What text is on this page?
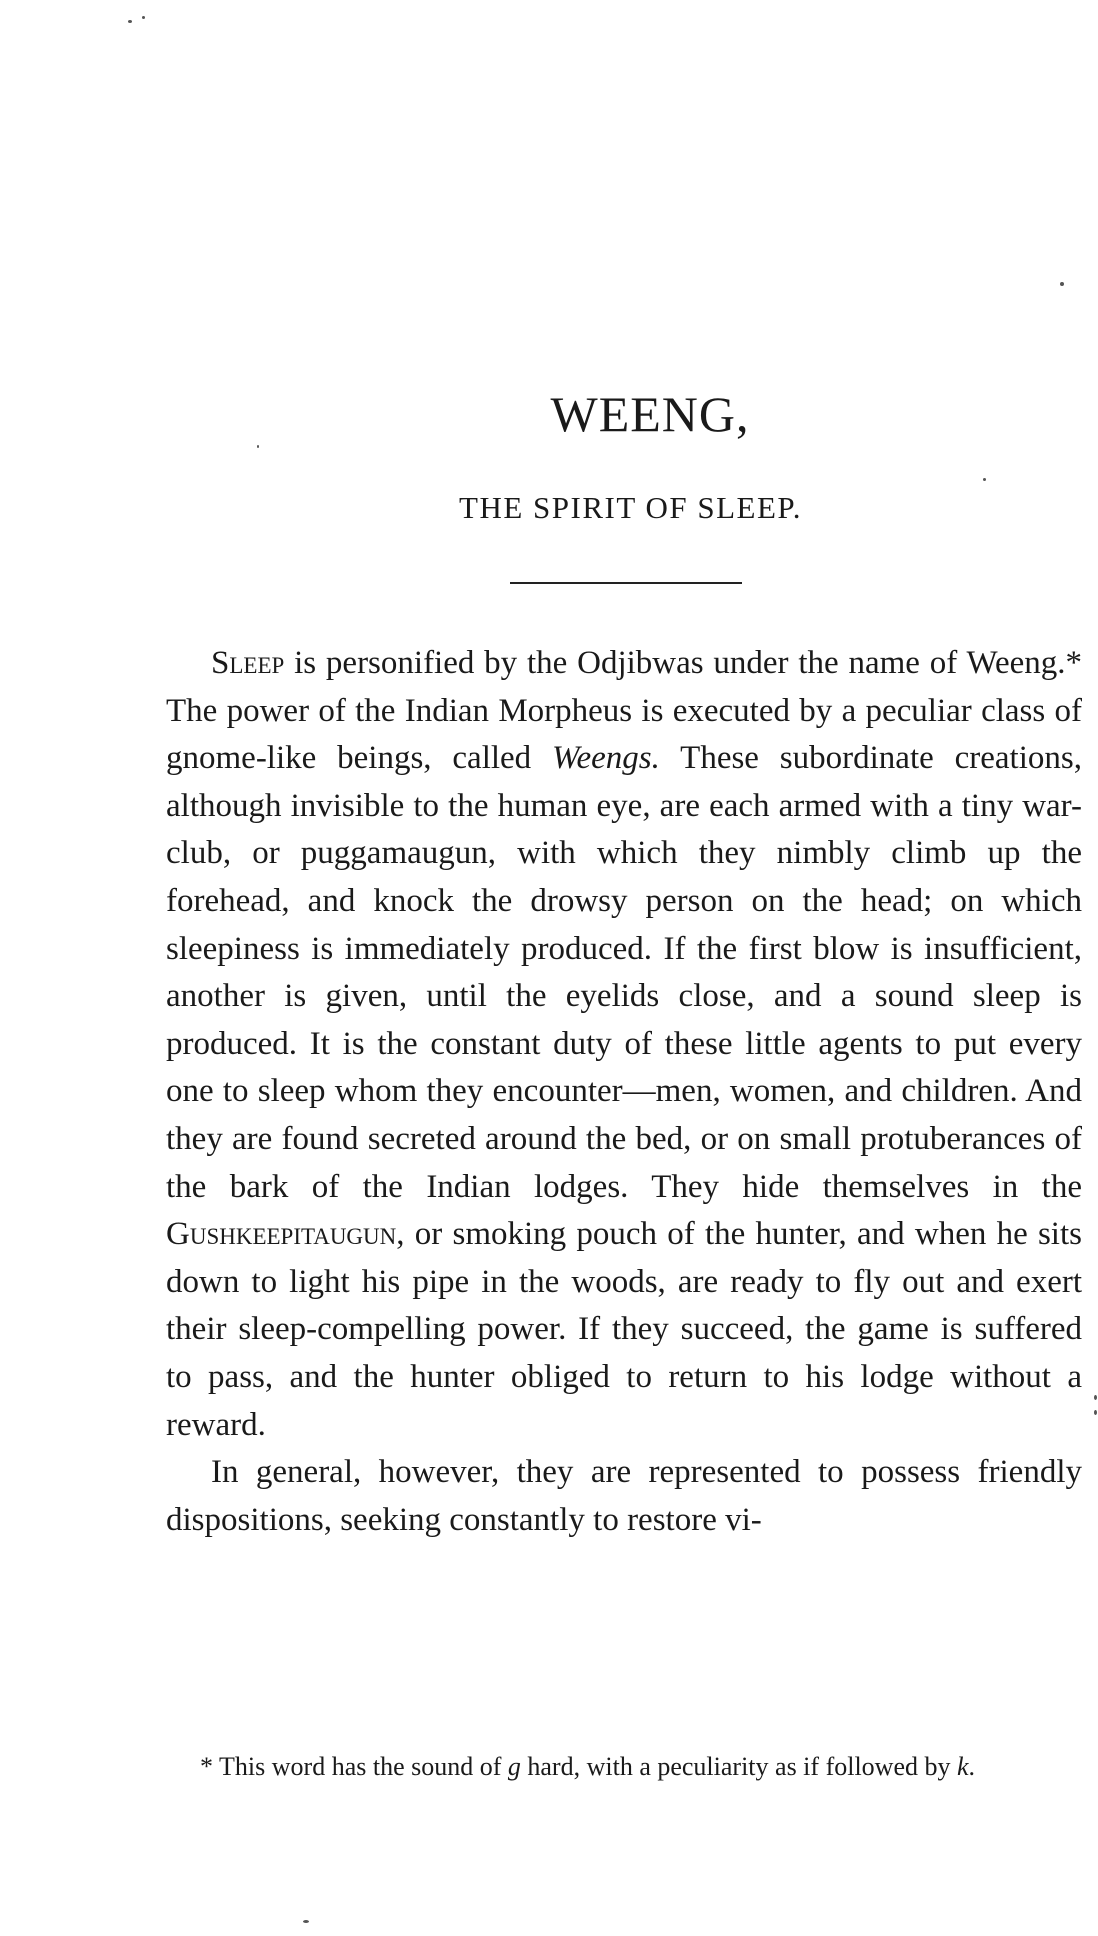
WEENG,
THE SPIRIT OF SLEEP.

Sleep is personified by the Odjibwas under the name of Weeng.* The power of the Indian Morpheus is executed by a peculiar class of gnome-like beings, called Weengs. These subordinate creations, although invisible to the human eye, are each armed with a tiny war-club, or puggamaugun, with which they nimbly climb up the forehead, and knock the drowsy person on the head; on which sleepiness is immediately produced. If the first blow is insufficient, another is given, until the eyelids close, and a sound sleep is produced. It is the constant duty of these little agents to put every one to sleep whom they encounter—men, women, and children. And they are found secreted around the bed, or on small protuberances of the bark of the Indian lodges. They hide themselves in the Gushkeepitaugun, or smoking pouch of the hunter, and when he sits down to light his pipe in the woods, are ready to fly out and exert their sleep-compelling power. If they succeed, the game is suffered to pass, and the hunter obliged to return to his lodge without a reward.

In general, however, they are represented to possess friendly dispositions, seeking constantly to restore vi-

* This word has the sound of g hard, with a peculiarity as if followed by k.
